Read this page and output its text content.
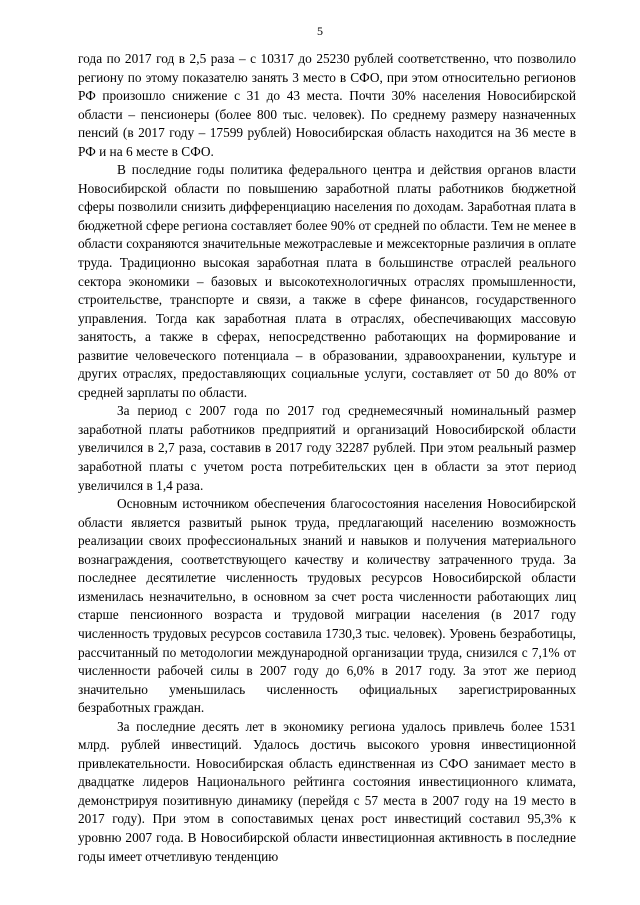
5

года по 2017 год в 2,5 раза – с 10317 до 25230 рублей соответственно, что позволило региону по этому показателю занять 3 место в СФО, при этом относительно регионов РФ произошло снижение с 31 до 43 места. Почти 30% населения Новосибирской области – пенсионеры (более 800 тыс. человек). По среднему размеру назначенных пенсий (в 2017 году – 17599 рублей) Новосибирская область находится на 36 месте в РФ и на 6 месте в СФО.

В последние годы политика федерального центра и действия органов власти Новосибирской области по повышению заработной платы работников бюджетной сферы позволили снизить дифференциацию населения по доходам. Заработная плата в бюджетной сфере региона составляет более 90% от средней по области. Тем не менее в области сохраняются значительные межотраслевые и межсекторные различия в оплате труда. Традиционно высокая заработная плата в большинстве отраслей реального сектора экономики – базовых и высокотехнологичных отраслях промышленности, строительстве, транспорте и связи, а также в сфере финансов, государственного управления. Тогда как заработная плата в отраслях, обеспечивающих массовую занятость, а также в сферах, непосредственно работающих на формирование и развитие человеческого потенциала – в образовании, здравоохранении, культуре и других отраслях, предоставляющих социальные услуги, составляет от 50 до 80% от средней зарплаты по области.

За период с 2007 года по 2017 год среднемесячный номинальный размер заработной платы работников предприятий и организаций Новосибирской области увеличился в 2,7 раза, составив в 2017 году 32287 рублей. При этом реальный размер заработной платы с учетом роста потребительских цен в области за этот период увеличился в 1,4 раза.

Основным источником обеспечения благосостояния населения Новосибирской области является развитый рынок труда, предлагающий населению возможность реализации своих профессиональных знаний и навыков и получения материального вознаграждения, соответствующего качеству и количеству затраченного труда. За последнее десятилетие численность трудовых ресурсов Новосибирской области изменилась незначительно, в основном за счет роста численности работающих лиц старше пенсионного возраста и трудовой миграции населения (в 2017 году численность трудовых ресурсов составила 1730,3 тыс. человек). Уровень безработицы, рассчитанный по методологии международной организации труда, снизился с 7,1% от численности рабочей силы в 2007 году до 6,0% в 2017 году. За этот же период значительно уменьшилась численность официальных зарегистрированных безработных граждан.

За последние десять лет в экономику региона удалось привлечь более 1531 млрд. рублей инвестиций. Удалось достичь высокого уровня инвестиционной привлекательности. Новосибирская область единственная из СФО занимает место в двадцатке лидеров Национального рейтинга состояния инвестиционного климата, демонстрируя позитивную динамику (перейдя с 57 места в 2007 году на 19 место в 2017 году). При этом в сопоставимых ценах рост инвестиций составил 95,3% к уровню 2007 года. В Новосибирской области инвестиционная активность в последние годы имеет отчетливую тенденцию
